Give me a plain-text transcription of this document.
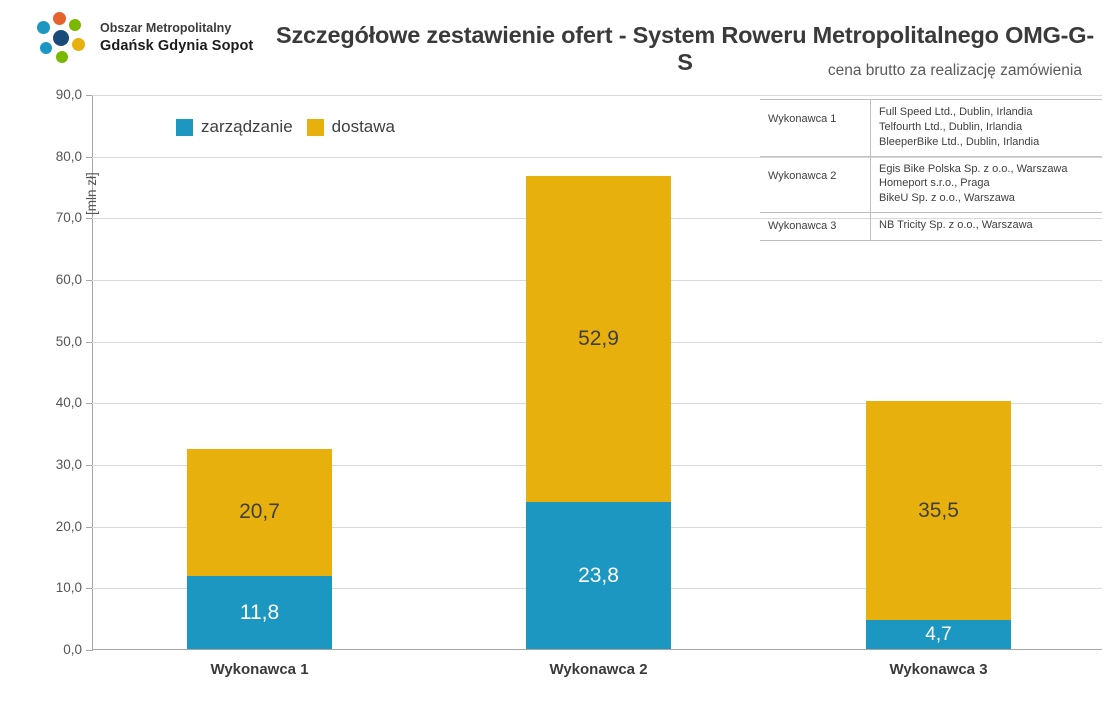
Obszar Metropolitalny
Gdańsk Gdynia Sopot Szczegółowe zestawienie ofert - System Roweru Metropolitalnego OMG-G-S	cena brutto za realizację zamówienia
[mln zł]
90,0
80,0
70,0
60,0
50,0
40,0
30,0
20,0
10,0
0,0
zarządzanie dostawa
11,8
20,7
Wykonawca 1
23,8
52,9
Wykonawca 2
4,7
35,5
Wykonawca 3
Wykonawca 1	Full Speed Ltd., Dublin, Irlandia
Telfourth Ltd., Dublin, Irlandia
BleeperBike Ltd., Dublin, Irlandia

Wykonawca 2	Egis Bike Polska Sp. z o.o., Warszawa
Homeport s.r.o., Praga
BikeU Sp. z o.o., Warszawa

Wykonawca 3	NB Tricity Sp. z o.o., Warszawa
